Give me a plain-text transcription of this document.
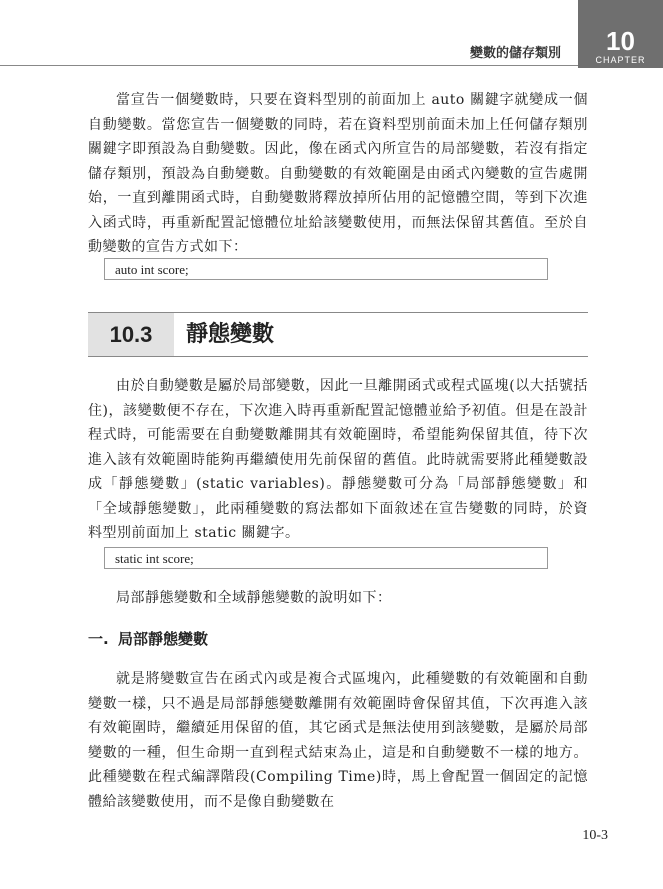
變數的儲存類別	10
CHAPTER

當宣告一個變數時，只要在資料型別的前面加上 auto 關鍵字就變成一個自動變數。當您宣告一個變數的同時，若在資料型別前面未加上任何儲存類別關鍵字即預設為自動變數。因此，像在函式內所宣告的局部變數，若沒有指定儲存類別，預設為自動變數。自動變數的有效範圍是由函式內變數的宣告處開始，一直到離開函式時，自動變數將釋放掉所佔用的記憶體空間，等到下次進入函式時，再重新配置記憶體位址給該變數使用，而無法保留其舊值。至於自動變數的宣告方式如下：

auto int score;
10.3	靜態變數

由於自動變數是屬於局部變數，因此一旦離開函式或程式區塊(以大括號括住)，該變數便不存在，下次進入時再重新配置記憶體並給予初值。但是在設計程式時，可能需要在自動變數離開其有效範圍時，希望能夠保留其值，待下次進入該有效範圍時能夠再繼續使用先前保留的舊值。此時就需要將此種變數設成「靜態變數」(static variables)。靜態變數可分為「局部靜態變數」和「全域靜態變數」，此兩種變數的寫法都如下面敘述在宣告變數的同時，於資料型別前面加上 static 關鍵字。

static int score;

局部靜態變數和全域靜態變數的說明如下：

一. 局部靜態變數

就是將變數宣告在函式內或是複合式區塊內，此種變數的有效範圍和自動變數一樣，只不過是局部靜態變數離開有效範圍時會保留其值，下次再進入該有效範圍時，繼續延用保留的值，其它函式是無法使用到該變數，是屬於局部變數的一種，但生命期一直到程式結束為止，這是和自動變數不一樣的地方。此種變數在程式編譯階段(Compiling Time)時，馬上會配置一個固定的記憶體給該變數使用，而不是像自動變數在

10-3
